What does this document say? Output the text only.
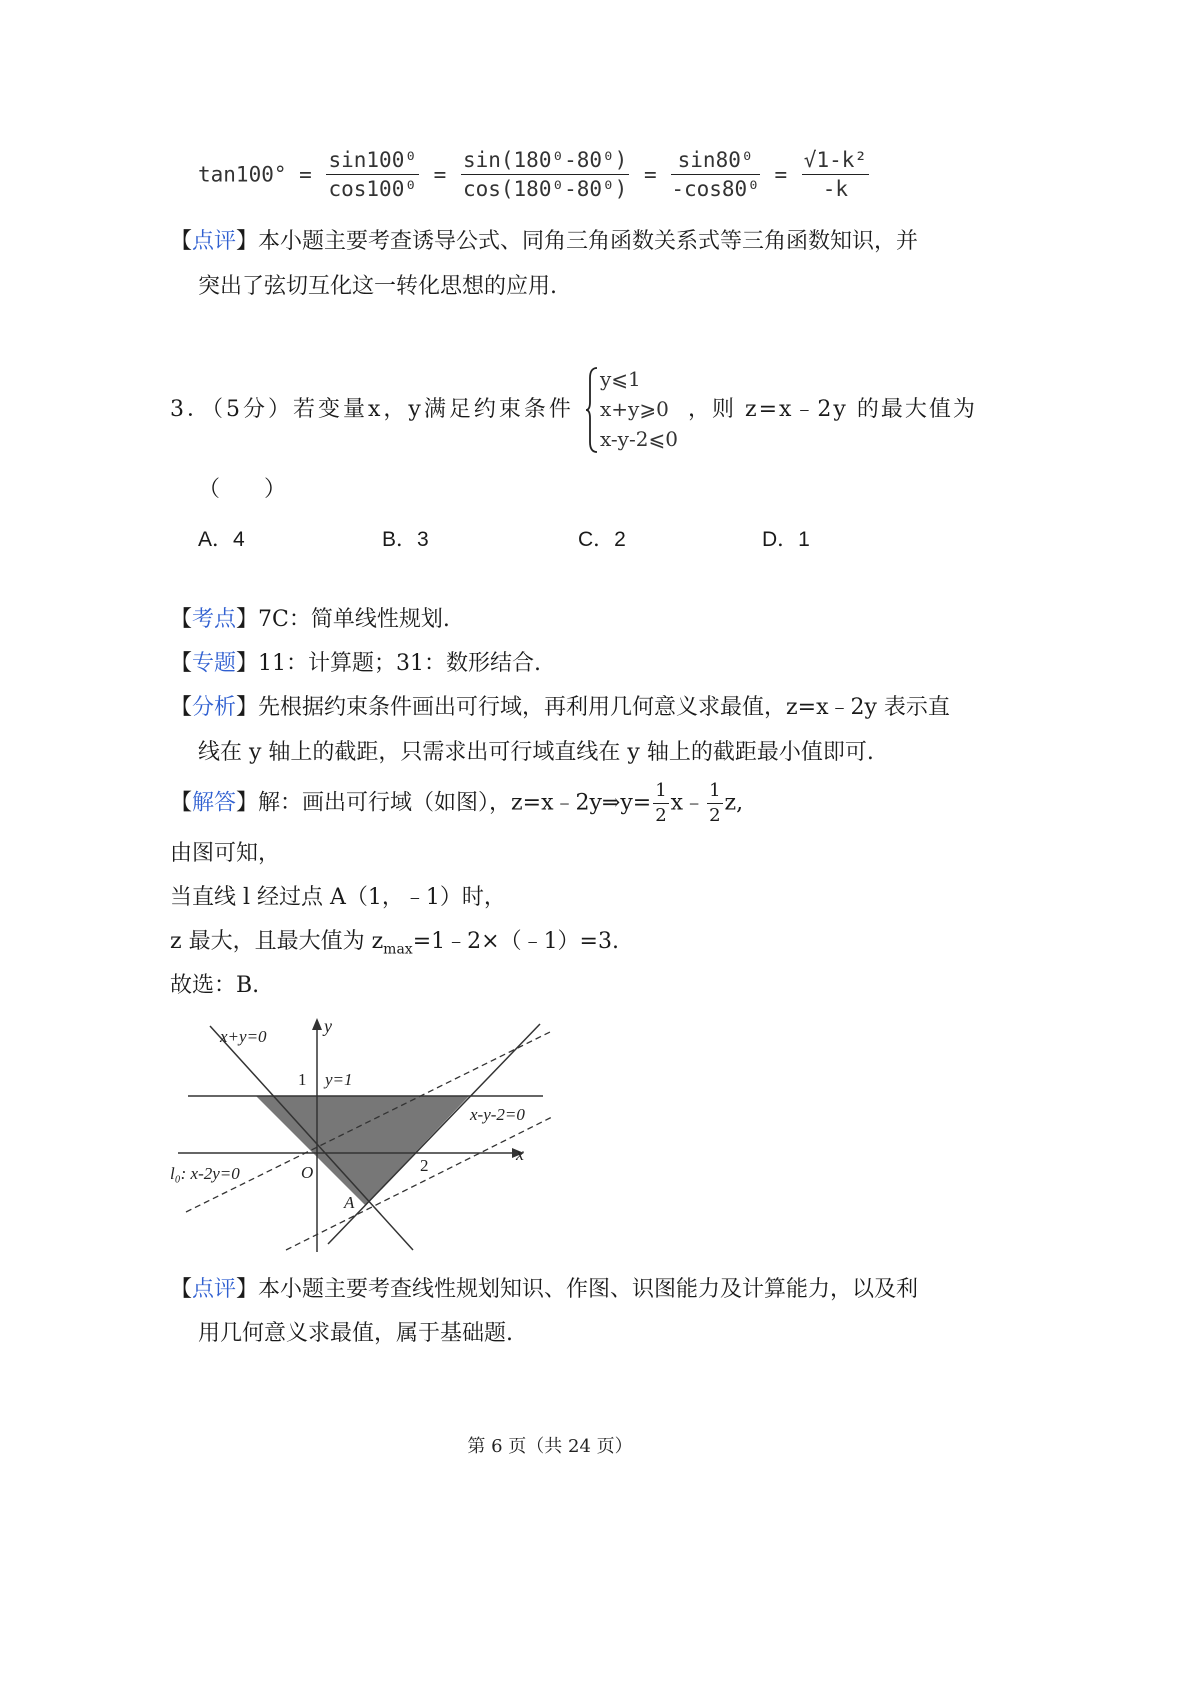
$\tan 100^\circ = \frac{\text{sin100⁰}}{\text{cos100⁰}} = \frac{\text{sin(180⁰-80⁰)}}{\text{cos(180⁰-80⁰)}} = \frac{\text{sin80⁰}}{\text{-cos80⁰}} = \frac{\text{√1-k²}}{-k}$
【点评】本小题主要考查诱导公式、同角三角函数关系式等三角函数知识，并
突出了弦切互化这一转化思想的应用.
3．（5分）若变量x，y满足约束条件
y⩽1
x+y⩾0
x-y-2⩽0
，则 z=x﹣2y 的最大值为
（　　）
A．4	B．3	C．2	D．1
【考点】7C：简单线性规划.
【专题】11：计算题；31：数形结合.
【分析】先根据约束条件画出可行域，再利用几何意义求最值，z=x﹣2y 表示直
线在 y 轴上的截距，只需求出可行域直线在 y 轴上的截距最小值即可.
【解答】解：画出可行域（如图），z=x﹣2y⇒y= $\frac{1}{2}$ x﹣ $\frac{1}{2} z$,
由图可知，
当直线 l 经过点 A（1，﹣1）时，
z 最大，且最大值为 $z_{max}=1﹣2\times(﹣1)=3$.
故选：B.
x+y=0
y=1
1
x-y-2=0
x
y
l₀: x-2y=0	O	2
A
【点评】本小题主要考查线性规划知识、作图、识图能力及计算能力，以及利
用几何意义求最值，属于基础题.
第 6 页（共 24 页）
